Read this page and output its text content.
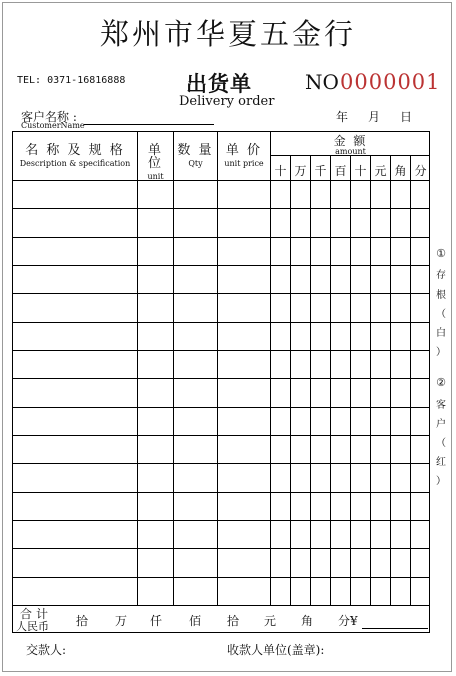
郑州市华夏五金行
TEL: 0371-16816888	出货单
Delivery order
NO 0000001
客户名称 :
CustomerName
年 月 日
名 称 及 规 格
Description & specification
单 位
unit
数 量
Qty
单 价
unit price
金 额
amount
十 万 千 百 十 元 角 分
①
存
根
（
白
）
②
客
户
（
红
）
合计
人民币 拾 万 仟 佰 拾 元 角 分¥
交款人:	收款人单位(盖章):
